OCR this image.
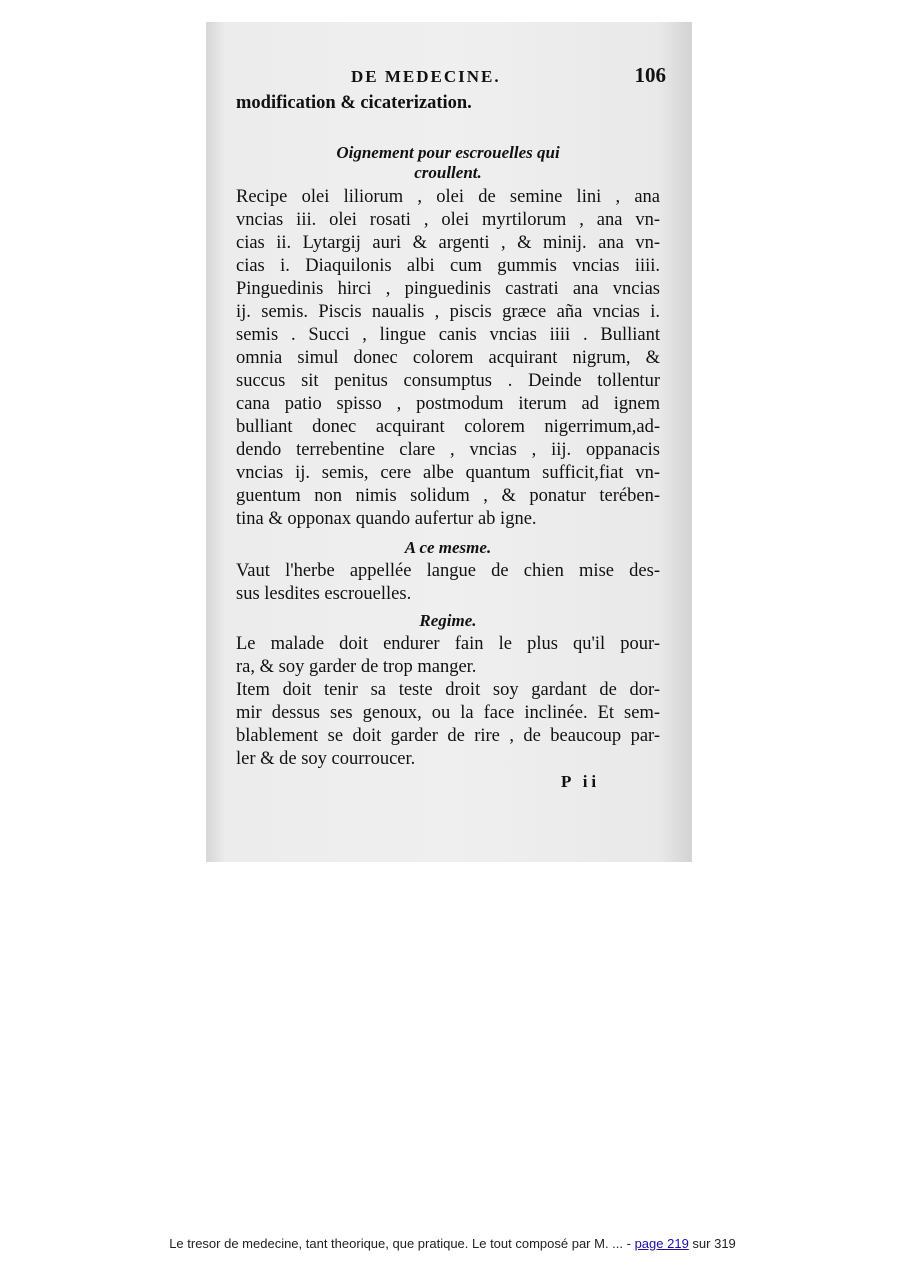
DE MEDECINE.	106
modification & cicaterization.
Oignement pour escrouelles qui
croullent.
Recipe olei liliorum , olei de semine lini , ana
vncias iii. olei rosati , olei myrtilorum , ana vn-
cias ii. Lytargij auri & argenti , & minij. ana vn-
cias i. Diaquilonis albi cum gummis vncias iiii.
Pinguedinis hirci , pinguedinis castrati ana vncias
ij. semis. Piscis naualis , piscis græce aña vncias i.
semis . Succi , lingue canis vncias iiii . Bulliant
omnia simul donec colorem acquirant nigrum, &
succus sit penitus consumptus . Deinde tollentur
cana patio spisso , postmodum iterum ad ignem
bulliant donec acquirant colorem nigerrimum,ad-
dendo terrebentine clare , vncias , iij. oppanacis
vncias ij. semis, cere albe quantum sufficit,fiat vn-
guentum non nimis solidum , & ponatur terében-
tina & opponax quando aufertur ab igne.
A ce mesme.
Vaut l'herbe appellée langue de chien mise des-
sus lesdites escrouelles.
Regime.
Le malade doit endurer fain le plus qu'il pour-
ra, & soy garder de trop manger.
Item doit tenir sa teste droit soy gardant de dor-
mir dessus ses genoux, ou la face inclinée. Et sem-
blablement se doit garder de rire , de beaucoup par-
ler & de soy courroucer.
P ii
Le tresor de medecine, tant theorique, que pratique. Le tout composé par M. ... - page 219 sur 319
